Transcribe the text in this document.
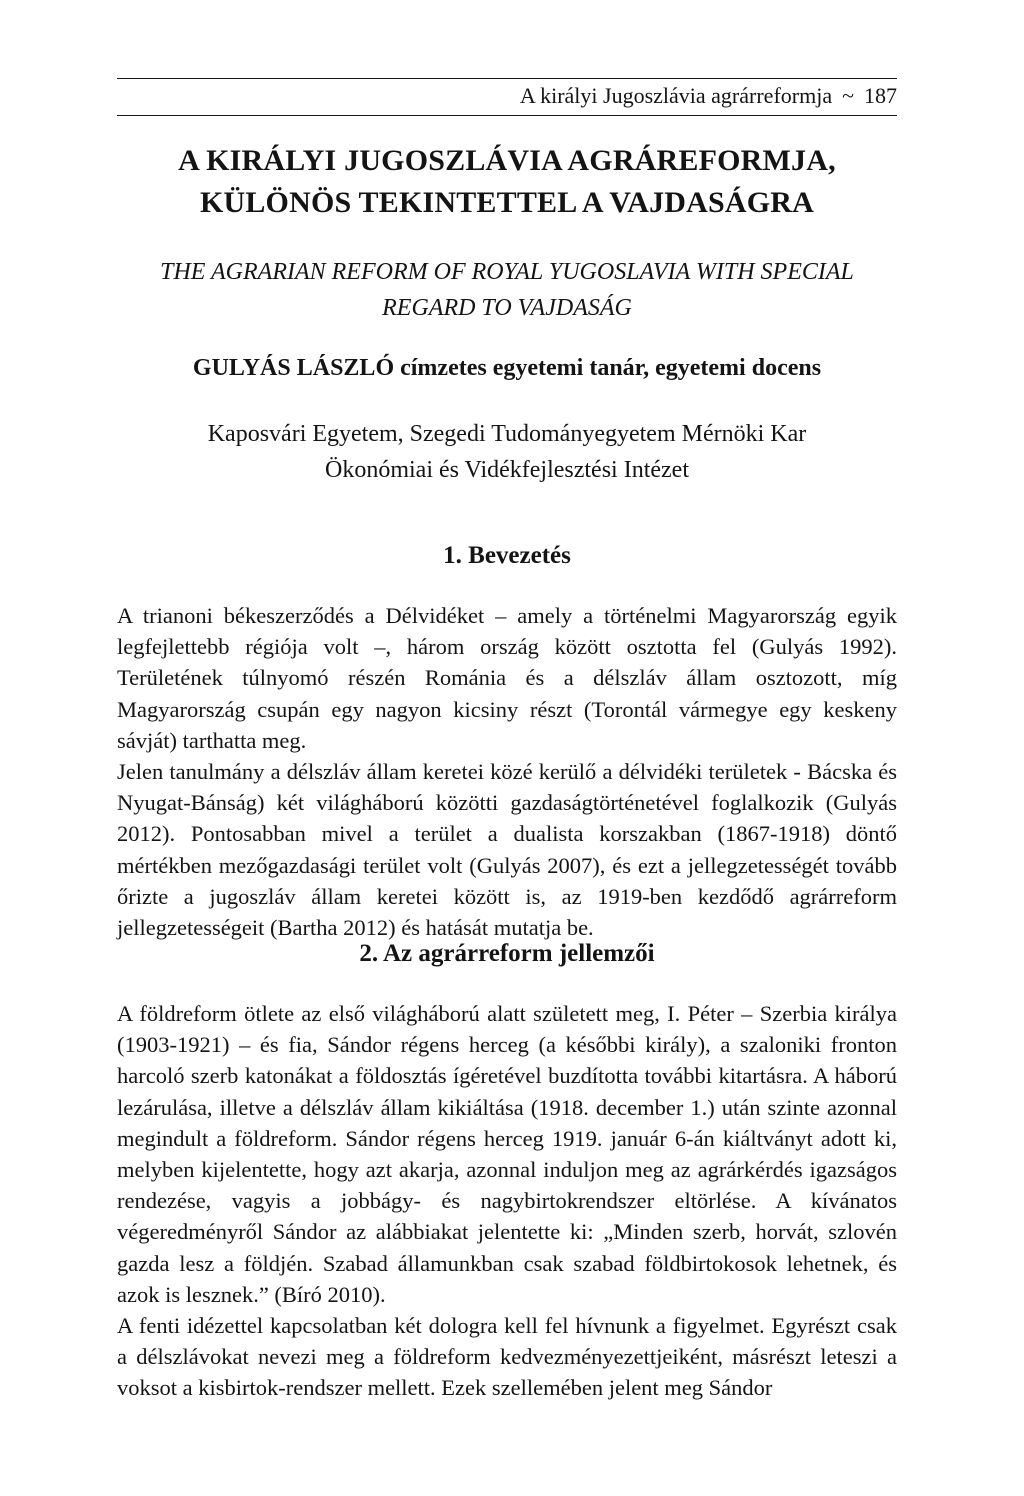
A királyi Jugoszlávia agrárreformja ~ 187
A KIRÁLYI JUGOSZLÁVIA AGRÁREFORMJA,
KÜLÖNÖS TEKINTETTEL A VAJDASÁGRA
THE AGRARIAN REFORM OF ROYAL YUGOSLAVIA WITH SPECIAL
REGARD TO VAJDASÁG
GULYÁS LÁSZLÓ címzetes egyetemi tanár, egyetemi docens
Kaposvári Egyetem, Szegedi Tudományegyetem Mérnöki Kar
Ökonómiai és Vidékfejlesztési Intézet
1. Bevezetés

A trianoni békeszerződés a Délvidéket – amely a történelmi Magyarország egyik legfejlettebb régiója volt –, három ország között osztotta fel (Gulyás 1992). Területének túlnyomó részén Románia és a délszláv állam osztozott, míg Magyarország csupán egy nagyon kicsiny részt (Torontál vármegye egy keskeny sávját) tarthatta meg.

Jelen tanulmány a délszláv állam keretei közé kerülő a délvidéki területek - Bácska és Nyugat-Bánság) két világháború közötti gazdaságtörténetével foglalkozik (Gulyás 2012). Pontosabban mivel a terület a dualista korszakban (1867-1918) döntő mértékben mezőgazdasági terület volt (Gulyás 2007), és ezt a jellegzetességét tovább őrizte a jugoszláv állam keretei között is, az 1919-ben kezdődő agrárreform jellegzetességeit (Bartha 2012) és hatását mutatja be.

2. Az agrárreform jellemzői

A földreform ötlete az első világháború alatt született meg, I. Péter – Szerbia királya (1903-1921) – és fia, Sándor régens herceg (a későbbi király), a szaloniki fronton harcoló szerb katonákat a földosztás ígéretével buzdította további kitartásra. A háború lezárulása, illetve a délszláv állam kikiáltása (1918. december 1.) után szinte azonnal megindult a földreform. Sándor régens herceg 1919. január 6-án kiáltványt adott ki, melyben kijelentette, hogy azt akarja, azonnal induljon meg az agrárkérdés igazságos rendezése, vagyis a jobbágy- és nagybirtokrendszer eltörlése. A kívánatos végeredményről Sándor az alábbiakat jelentette ki: „Minden szerb, horvát, szlovén gazda lesz a földjén. Szabad államunkban csak szabad földbirtokosok lehetnek, és azok is lesznek.” (Bíró 2010).

A fenti idézettel kapcsolatban két dologra kell fel hívnunk a figyelmet. Egyrészt csak a délszlávokat nevezi meg a földreform kedvezményezettjeiként, másrészt leteszi a voksot a kisbirtok-rendszer mellett. Ezek szellemében jelent meg Sándor
